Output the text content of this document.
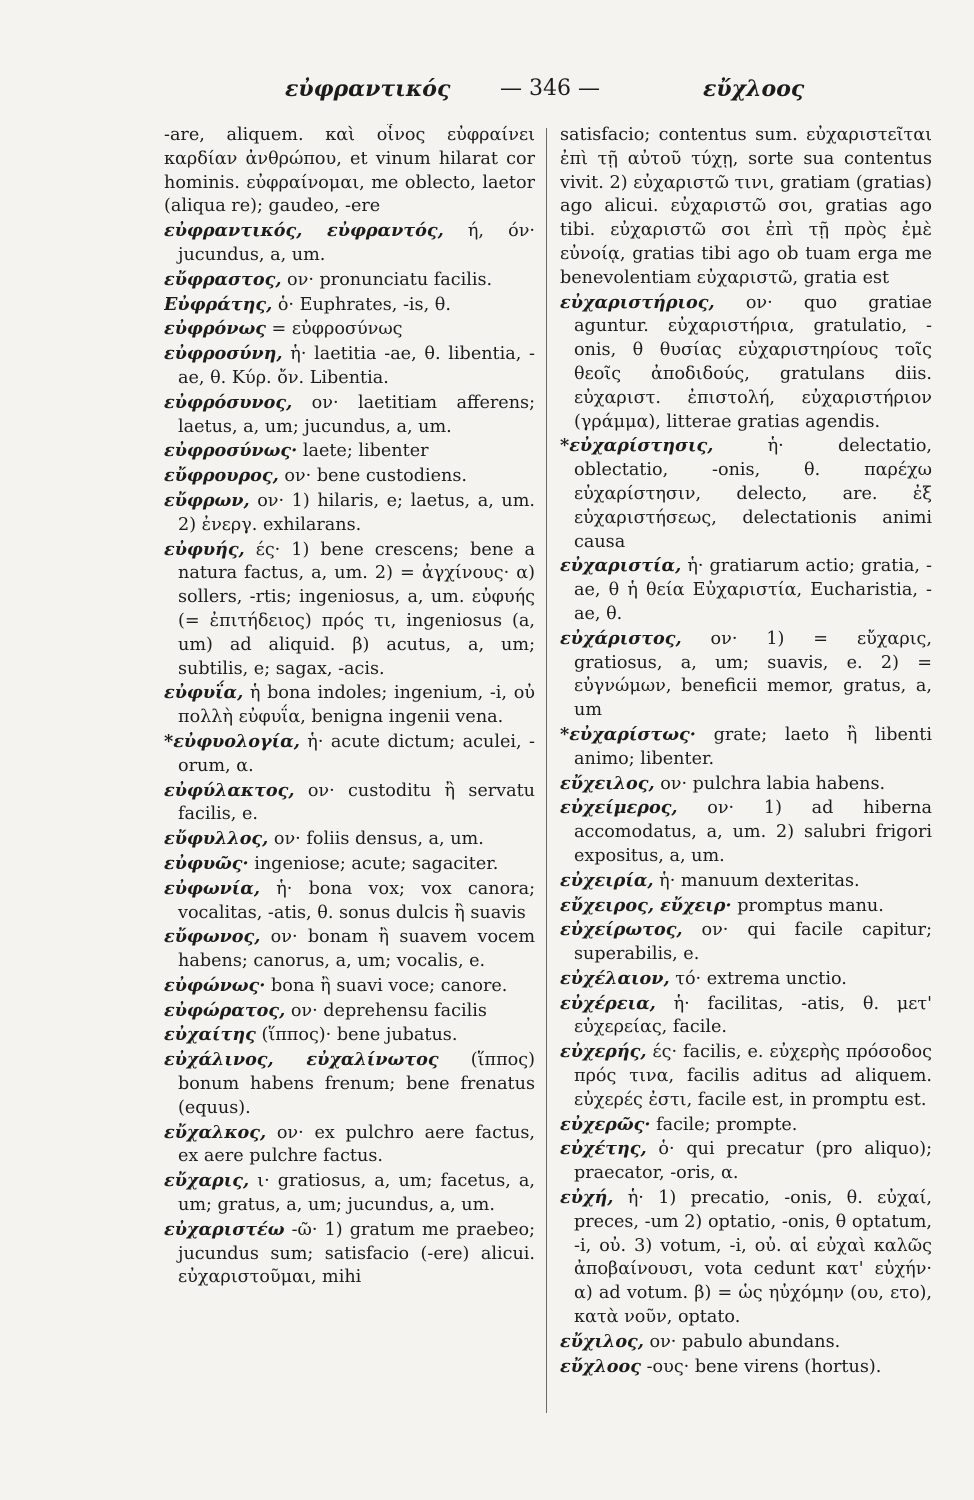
εὐφραντικός — 346 —	εὔχλοος

-are, aliquem. καὶ οἶνος εὐφραίνει καρδίαν ἀνθρώπου, et vinum hilarat cor hominis. εὐφραίνομαι, me oblecto, laetor (aliqua re); gaudeo, -ere

εὐφραντικός, εὐφραντός, ή, όν· jucundus, a, um.

εὔφραστος, ον· pronunciatu facilis.

Εὐφράτης, ὁ· Euphrates, -is, θ.

εὐφρόνως = εὐφροσύνως

εὐφροσύνη, ἡ· laetitia -ae, θ. libentia, -ae, θ. Κύρ. ὄν. Libentia.

εὐφρόσυνος, ον· laetitiam afferens; laetus, a, um; jucundus, a, um.

εὐφροσύνως· laete; libenter

εὔφρουρος, ον· bene custodiens.

εὔφρων, ον· 1) hilaris, e; laetus, a, um. 2) ἐνεργ. exhilarans.

εὐφυής, ές· 1) bene crescens; bene a natura factus, a, um. 2) = ἀγχίνους· α) sollers, -rtis; ingeniosus, a, um. εὐφυής (= ἐπιτήδειος) πρός τι, ingeniosus (a, um) ad aliquid. β) acutus, a, um; subtilis, e; sagax, -acis.

εὐφυΐα, ἡ bona indoles; ingenium, -i, οὐ πολλὴ εὐφυΐα, benigna ingenii vena.

*εὐφυολογία, ἡ· acute dictum; aculei, -orum, α.

εὐφύλακτος, ον· custoditu ἢ servatu facilis, e.

εὔφυλλος, ον· foliis densus, a, um.

εὐφυῶς· ingeniose; acute; sagaciter.

εὐφωνία, ἡ· bona vox; vox canora; vocalitas, -atis, θ. sonus dulcis ἢ suavis

εὔφωνος, ον· bonam ἢ suavem vocem habens; canorus, a, um; vocalis, e.

εὐφώνως· bona ἢ suavi voce; canore.

εὐφώρατος, ον· deprehensu facilis

εὐχαίτης (ἵππος)· bene jubatus.

εὐχάλινος, εὐχαλίνωτος (ἵππος) bonum habens frenum; bene frenatus (equus).

εὔχαλκος, ον· ex pulchro aere factus, ex aere pulchre factus.

εὔχαρις, ι· gratiosus, a, um; facetus, a, um; gratus, a, um; jucundus, a, um.

εὐχαριστέω -ῶ· 1) gratum me praebeo; jucundus sum; satisfacio (-ere) alicui. εὐχαριστοῦμαι, mihi

satisfacio; contentus sum. εὐχαριστεῖται ἐπὶ τῇ αὐτοῦ τύχῃ, sorte sua contentus vivit. 2) εὐχαριστῶ τινι, gratiam (gratias) ago alicui. εὐχαριστῶ σοι, gratias ago tibi. εὐχαριστῶ σοι ἐπὶ τῇ πρὸς ἐμὲ εὐνοίᾳ, gratias tibi ago ob tuam erga me benevolentiam εὐχαριστῶ, gratia est

εὐχαριστήριος, ον· quo gratiae aguntur. εὐχαριστήρια, gratulatio, -onis, θ θυσίας εὐχαριστηρίους τοῖς θεοῖς ἀποδιδούς, gratulans diis. εὐχαριστ. ἐπιστολή, εὐχαριστήριον (γράμμα), litterae gratias agendis.

*εὐχαρίστησις,	ἡ· delectatio, oblectatio, -onis, θ. παρέχω εὐχαρίστησιν, delecto, are. ἐξ εὐχαριστήσεως, delectationis animi causa

εὐχαριστία, ἡ· gratiarum actio; gratia, -ae, θ ἡ θεία Εὐχαριστία, Eucharistia, -ae, θ.

εὐχάριστος, ον· 1) = εὔχαρις, gratiosus, a, um; suavis, e. 2) = εὐγνώμων, beneficii memor, gratus, a, um

*εὐχαρίστως· grate; laeto ἢ libenti animo; libenter.

εὔχειλος, ον· pulchra labia habens.

εὐχείμερος, ον· 1) ad hiberna accomodatus, a, um. 2) salubri frigori expositus, a, um.

εὐχειρία, ἡ· manuum dexteritas.

εὔχειρος, εὔχειρ· promptus manu.

εὐχείρωτος, ον· qui facile capitur; superabilis, e.

εὐχέλαιον, τό· extrema unctio.

εὐχέρεια, ἡ· facilitas, -atis, θ. μετ' εὐχερείας, facile.

εὐχερής, ές· facilis, e. εὐχερὴς πρόσοδος πρός τινα, facilis aditus ad aliquem. εὐχερές ἐστι, facile est, in promptu est.

εὐχερῶς· facile; prompte.

εὐχέτης, ὁ· qui precatur (pro aliquo); praecator, -oris, α.

εὐχή, ἡ· 1) precatio, -onis, θ. εὐχαί, preces, -um 2) optatio, -onis, θ optatum, -i, οὐ. 3) votum, -i, οὐ. αἱ εὐχαὶ καλῶς ἀποβαίνουσι, vota cedunt κατ' εὐχήν· α) ad votum. β) = ὡς ηὐχόμην (ου, ετο), κατὰ νοῦν, optato.

εὔχιλος, ον· pabulo abundans.

εὔχλοος -ους· bene virens (hortus).
